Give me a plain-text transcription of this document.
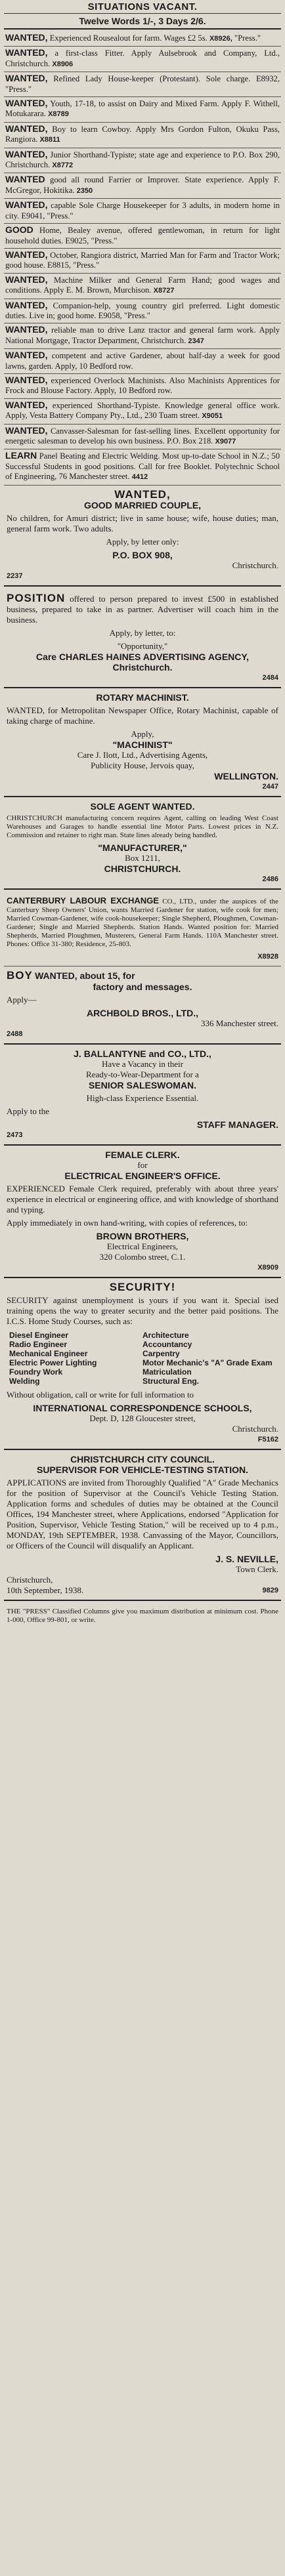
SITUATIONS VACANT.
Twelve Words 1/-, 3 Days 2/6.
WANTED, Experienced Rousealout for farm. Wages £2 5s. X8926, "Press."
WANTED, a first-class Fitter. Apply Aulsebrook and Company, Ltd., Christchurch. X8906
WANTED, Refined Lady House-keeper (Protestant). Sole charge. E8932, "Press."
WANTED, Youth, 17-18, to assist on Dairy and Mixed Farm. Apply F. Withell, Motukarara. X8789
WANTED, Boy to learn Cowboy. Apply Mrs Gordon Fulton, Okuku Pass, Rangiora. X8811
WANTED, Junior Shorthand-Typiste; state age and experience to P.O. Box 290, Christchurch. X8772
WANTED good all round Farrier or Improver. State experience. Apply F. McGregor, Hokitika. 2350
WANTED, capable Sole Charge Housekeeper for 3 adults, in modern home in city. E9041, "Press."
GOOD Home, Bealey avenue, offered gentlewoman, in return for light household duties. E9025, "Press."
WANTED, October, Rangiora district, Married Man for Farm and Tractor Work; good house. E8815, "Press."
WANTED, Machine Milker and General Farm Hand; good wages and conditions. Apply E. M. Brown, Murchison. X8727
WANTED, Companion-help, young country girl preferred. Light domestic duties. Live in; good home. E9058, "Press."
WANTED, reliable man to drive Lanz tractor and general farm work. Apply National Mortgage, Tractor Department, Christchurch. 2347
WANTED, competent and active Gardener, about half-day a week for good lawns, garden. Apply, 10 Bedford row.
WANTED, experienced Overlock Machinists. Also Machinists Apprentices for Frock and Blouse Factory. Apply, 10 Bedford row.
WANTED, experienced Shorthand-Typiste. Knowledge general office work. Apply, Vesta Battery Company Pty., Ltd., 230 Tuam street. X9051
WANTED, Canvasser-Salesman for fast-selling lines. Excellent opportunity for energetic salesman to develop his own business. P.O. Box 218. X9077
LEARN Panel Beating and Electric Welding. Most up-to-date School in N.Z.; 50 Successful Students in good positions. Call for free Booklet. Polytechnic School of Engineering, 76 Manchester street. 4412
WANTED,
GOOD MARRIED COUPLE,

No children, for Amuri district; live in same house; wife, house duties; man, general farm work. Two adults.

Apply, by letter only:

P.O. BOX 908,
Christchurch.
2237

POSITION offered to person prepared to invest £500 in established business, prepared to take in as partner. Advertiser will coach him in the business.

Apply, by letter, to:

"Opportunity,"
Care CHARLES HAINES ADVERTISING AGENCY, Christchurch.
2484
ROTARY MACHINIST.

WANTED, for Metropolitan Newspaper Office, Rotary Machinist, capable of taking charge of machine.

Apply,
"MACHINIST"
Care J. Ilott, Ltd., Advertising Agents,
Publicity House, Jervois quay,
WELLINGTON.
2447
SOLE AGENT WANTED.

CHRISTCHURCH manufacturing concern requires Agent, calling on leading West Coast Warehouses and Garages to handle essential line Motor Parts. Lowest prices in N.Z. Commission and retainer to right man. State lines already being handled.

"MANUFACTURER,"
Box 1211,
CHRISTCHURCH.
2486

CANTERBURY LABOUR EXCHANGE CO., LTD., under the auspices of the Canterbury Sheep Owners' Union, wants Married Gardener for station, wife cook for men; Married Cowman-Gardener, wife cook-housekeeper; Single Shepherd, Ploughmen, Cowman-Gardener; Single and Married Shepherds. Station Hands. Wanted position for: Married Shepherds, Married Ploughmen, Musterers, General Farm Hands. 110A Manchester street. Phones: Office 31-380; Residence, 25-803.

X8928
BOY WANTED, about 15, for
factory and messages.

Apply—

ARCHBOLD BROS., LTD.,
336 Manchester street.
2488
J. BALLANTYNE and CO., LTD.,
Have a Vacancy in their
Ready-to-Wear-Department for a
SENIOR SALESWOMAN.

High-class Experience Essential.

Apply to the

STAFF MANAGER.
2473
FEMALE CLERK.
for
ELECTRICAL ENGINEER'S OFFICE.

EXPERIENCED Female Clerk required, preferably with about three years' experience in electrical or engineering office, and with knowledge of shorthand and typing.

Apply immediately in own hand-writing, with copies of references, to:

BROWN BROTHERS,
Electrical Engineers,
320 Colombo street, C.1.
X8909
SECURITY!

SECURITY against unemployment is yours if you want it. Special ised training opens the way to greater security and the better paid positions. The I.C.S. Home Study Courses, such as:

Diesel Engineer	Architecture
Radio Engineer	Accountancy
Mechanical Engineer	Carpentry
Electric Power Lighting	Motor Mechanic's "A" Grade Exam
Foundry Work	Matriculation
Welding	Structural Eng.

Without obligation, call or write for full information to

INTERNATIONAL CORRESPONDENCE SCHOOLS,
Dept. D, 128 Gloucester street,
Christchurch.
F5162
CHRISTCHURCH CITY COUNCIL.
SUPERVISOR FOR VEHICLE-TESTING STATION.

APPLICATIONS are invited from Thoroughly Qualified "A" Grade Mechanics for the position of Supervisor at the Council's Vehicle Testing Station. Application forms and schedules of duties may be obtained at the Council Offices, 194 Manchester street, where Applications, endorsed "Application for Position, Supervisor, Vehicle Testing Station," will be received up to 4 p.m., MONDAY, 19th SEPTEMBER, 1938. Canvassing of the Mayor, Councillors, or Officers of the Council will disqualify an Applicant.

J. S. NEVILLE,
Town Clerk.
Christchurch,
10th September, 1938.	9829

THE "PRESS" Classified Columns give you maximum distribution at minimum cost. Phone 1-000, Office 99-801, or write.
